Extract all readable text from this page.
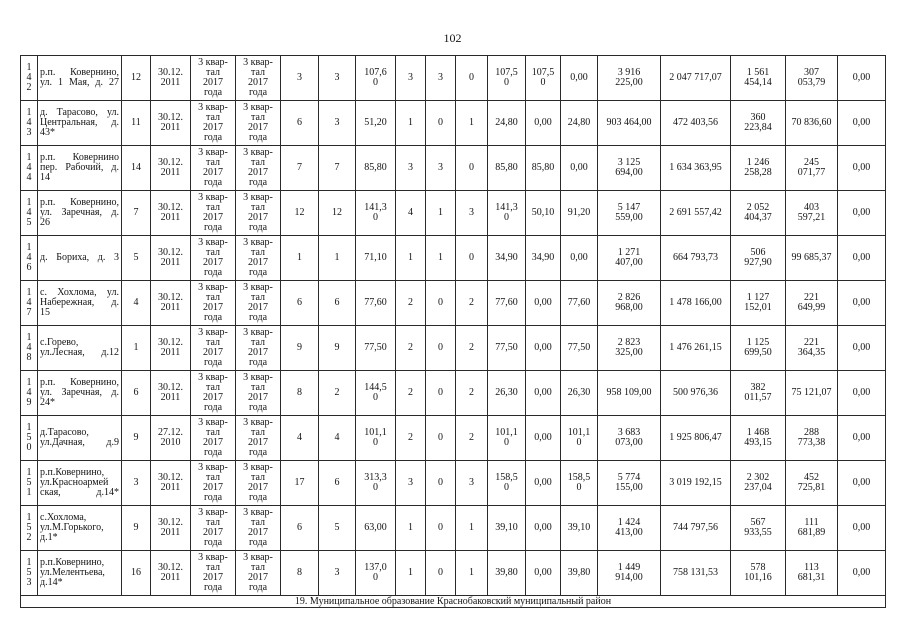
102
142	р.п. Ковернино,
ул. 1 Мая, д. 27	12	30.12.
2011	3 квар-
тал
2017
года	3 квар-
тал
2017
года	3	3	107,6
0	3	3	0	107,5
0	107,5
0	0,00	3 916
225,00	2 047 717,07	1 561
454,14	307
053,79	0,00
143	д. Тарасово, ул.
Центральная, д.
43*	11	30.12.
2011	3 квар-
тал
2017
года	3 квар-
тал
2017
года	6	3	51,20	1	0	1	24,80	0,00	24,80	903 464,00	472 403,56	360
223,84	70 836,60	0,00
144	р.п. Ковернино
пер. Рабочий, д.
14	14	30.12.
2011	3 квар-
тал
2017
года	3 квар-
тал
2017
года	7	7	85,80	3	3	0	85,80	85,80	0,00	3 125
694,00	1 634 363,95	1 246
258,28	245
071,77	0,00
145	р.п. Ковернино,
ул. Заречная, д.
26	7	30.12.
2011	3 квар-
тал
2017
года	3 квар-
тал
2017
года	12	12	141,3
0	4	1	3	141,3
0	50,10	91,20	5 147
559,00	2 691 557,42	2 052
404,37	403
597,21	0,00
146	д. Бориха, д. 3	5	30.12.
2011	3 квар-
тал
2017
года	3 квар-
тал
2017
года	1	1	71,10	1	1	0	34,90	34,90	0,00	1 271
407,00	664 793,73	506
927,90	99 685,37	0,00
147	с. Хохлома, ул.
Набережная, д.
15	4	30.12.
2011	3 квар-
тал
2017
года	3 квар-
тал
2017
года	6	6	77,60	2	0	2	77,60	0,00	77,60	2 826
968,00	1 478 166,00	1 127
152,01	221
649,99	0,00
148	с.Горево,
ул.Лесная, д.12	1	30.12.
2011	3 квар-
тал
2017
года	3 квар-
тал
2017
года	9	9	77,50	2	0	2	77,50	0,00	77,50	2 823
325,00	1 476 261,15	1 125
699,50	221
364,35	0,00
149	р.п. Ковернино,
ул. Заречная, д.
24*	6	30.12.
2011	3 квар-
тал
2017
года	3 квар-
тал
2017
года	8	2	144,5
0	2	0	2	26,30	0,00	26,30	958 109,00	500 976,36	382
011,57	75 121,07	0,00
150	д.Тарасово,
ул.Дачная, д.9	9	27.12.
2010	3 квар-
тал
2017
года	3 квар-
тал
2017
года	4	4	101,1
0	2	0	2	101,1
0	0,00	101,1
0	3 683
073,00	1 925 806,47	1 468
493,15	288
773,38	0,00
151	р.п.Ковернино,
ул.Красноармей
ская, д.14*	3	30.12.
2011	3 квар-
тал
2017
года	3 квар-
тал
2017
года	17	6	313,3
0	3	0	3	158,5
0	0,00	158,5
0	5 774
155,00	3 019 192,15	2 302
237,04	452
725,81	0,00
152	с.Хохлома,
ул.М.Горького,
д.1*	9	30.12.
2011	3 квар-
тал
2017
года	3 квар-
тал
2017
года	6	5	63,00	1	0	1	39,10	0,00	39,10	1 424
413,00	744 797,56	567
933,55	111
681,89	0,00
153	р.п.Ковернино,
ул.Мелентьева,
д.14*	16	30.12.
2011	3 квар-
тал
2017
года	3 квар-
тал
2017
года	8	3	137,0
0	1	0	1	39,80	0,00	39,80	1 449
914,00	758 131,53	578
101,16	113
681,31	0,00
19. Муниципальное образование Краснобаковский муниципальный район																			
